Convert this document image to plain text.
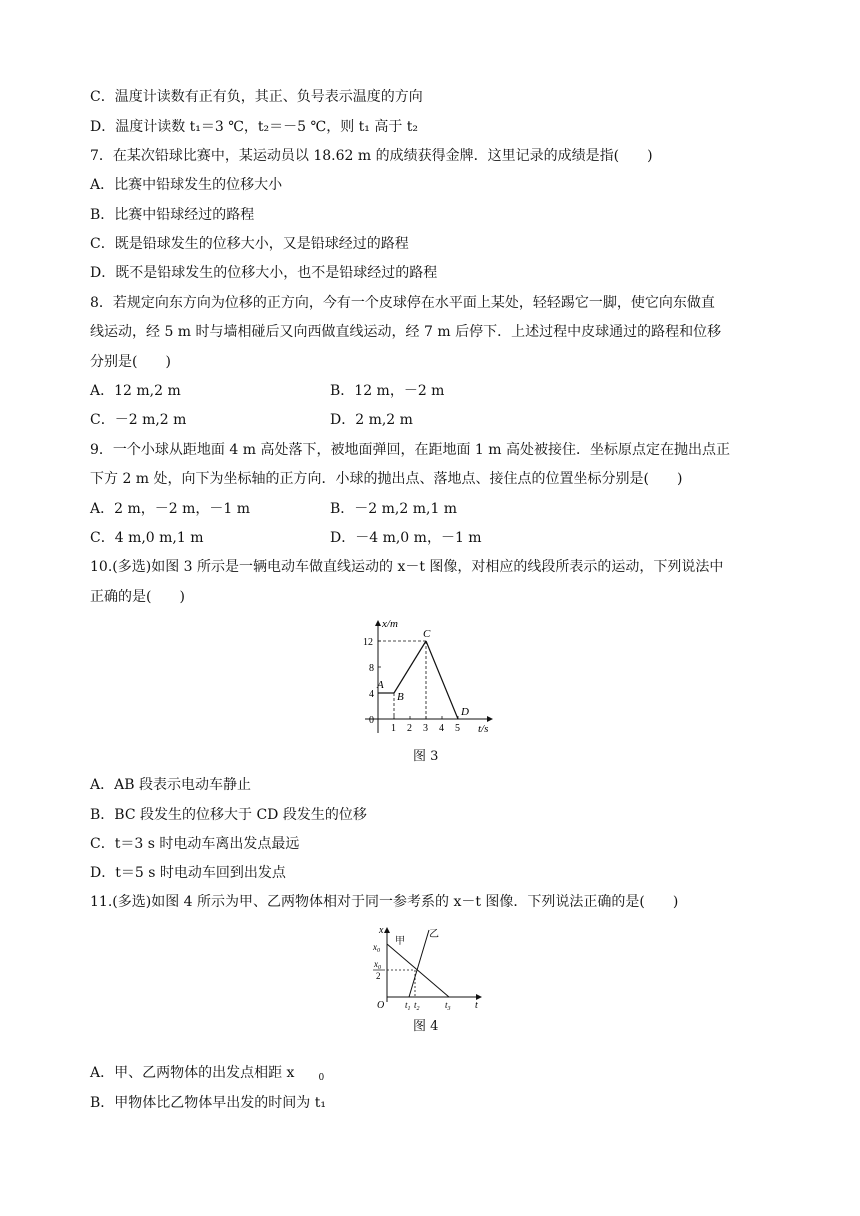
C．温度计读数有正有负，其正、负号表示温度的方向
D．温度计读数 t₁＝3 ℃，t₂＝－5 ℃，则 t₁ 高于 t₂
7．在某次铅球比赛中，某运动员以 18.62 m 的成绩获得金牌．这里记录的成绩是指(　　)
A．比赛中铅球发生的位移大小
B．比赛中铅球经过的路程
C．既是铅球发生的位移大小，又是铅球经过的路程
D．既不是铅球发生的位移大小，也不是铅球经过的路程
8．若规定向东方向为位移的正方向，今有一个皮球停在水平面上某处，轻轻踢它一脚，使它向东做直
线运动，经 5 m 时与墙相碰后又向西做直线运动，经 7 m 后停下．上述过程中皮球通过的路程和位移
分别是(　　)
A．12 m,2 m	B．12 m，－2 m
C．－2 m,2 m	D．2 m,2 m
9．一个小球从距地面 4 m 高处落下，被地面弹回，在距地面 1 m 高处被接住．坐标原点定在抛出点正
下方 2 m 处，向下为坐标轴的正方向．小球的抛出点、落地点、接住点的位置坐标分别是(　　)
A．2 m，－2 m，－1 m	B．－2 m,2 m,1 m
C．4 m,0 m,1 m	D．－4 m,0 m，－1 m
10.(多选)如图 3 所示是一辆电动车做直线运动的 x－t 图像，对相应的线段所表示的运动，下列说法中
正确的是(　　)
1 2 3 4 5
12
8
4
0
A
B
C
D
x/m
t/s
图 3
A．AB 段表示电动车静止
B．BC 段发生的位移大于 CD 段发生的位移
C．t＝3 s 时电动车离出发点最远
D．t＝5 s 时电动车回到出发点
11.(多选)如图 4 所示为甲、乙两物体相对于同一参考系的 x－t 图像．下列说法正确的是(　　)
x
t
O
$x_0$
$x_0$
2
甲
乙
$t_1$ $t_2$	$t_3$
图 4
A．甲、乙两物体的出发点相距 x	$_0$
B．甲物体比乙物体早出发的时间为 t₁
